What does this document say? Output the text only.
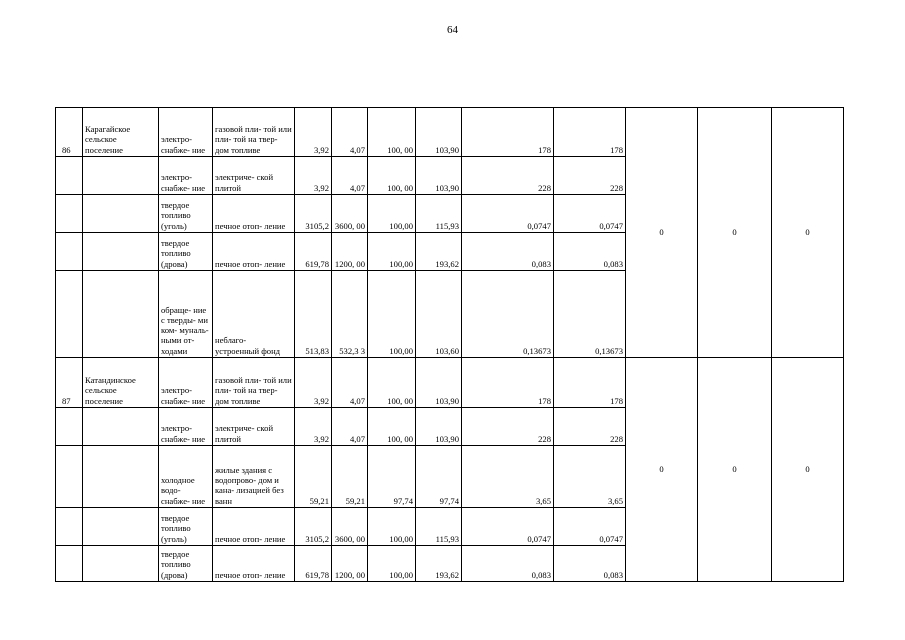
64
86	Карагайское сельское поселение	электро- снабже- ние	газовой пли- той или пли- той на твер- дом топливе	3,92	4,07	100, 00	103,90	178	178	0	0	0
		электро- снабже- ние	электриче- ской плитой	3,92	4,07	100, 00	103,90	228	228			
		твердое топливо (уголь)	печное отоп- ление	3105,2	3600, 00	100,00	115,93	0,0747	0,0747			
		твердое топливо (дрова)	печное отоп- ление	619,78	1200, 00	100,00	193,62	0,083	0,083			
		обраще- ние с тверды- ми ком- муналь- ными от- ходами	неблаго- устроенный фонд	513,83	532,3 3	100,00	103,60	0,13673	0,13673			
87	Катандинское сельское поселение	электро- снабже- ние	газовой пли- той или пли- той на твер- дом топливе	3,92	4,07	100, 00	103,90	178	178	0	0	0
		электро- снабже- ние	электриче- ской плитой	3,92	4,07	100, 00	103,90	228	228			
		холодное водо- снабже- ние	жилые здания с водопрово- дом и кана- лизацией без ванн	59,21	59,21	97,74	97,74	3,65	3,65			
		твердое топливо (уголь)	печное отоп- ление	3105,2	3600, 00	100,00	115,93	0,0747	0,0747			
		твердое топливо (дрова)	печное отоп- ление	619,78	1200, 00	100,00	193,62	0,083	0,083			
